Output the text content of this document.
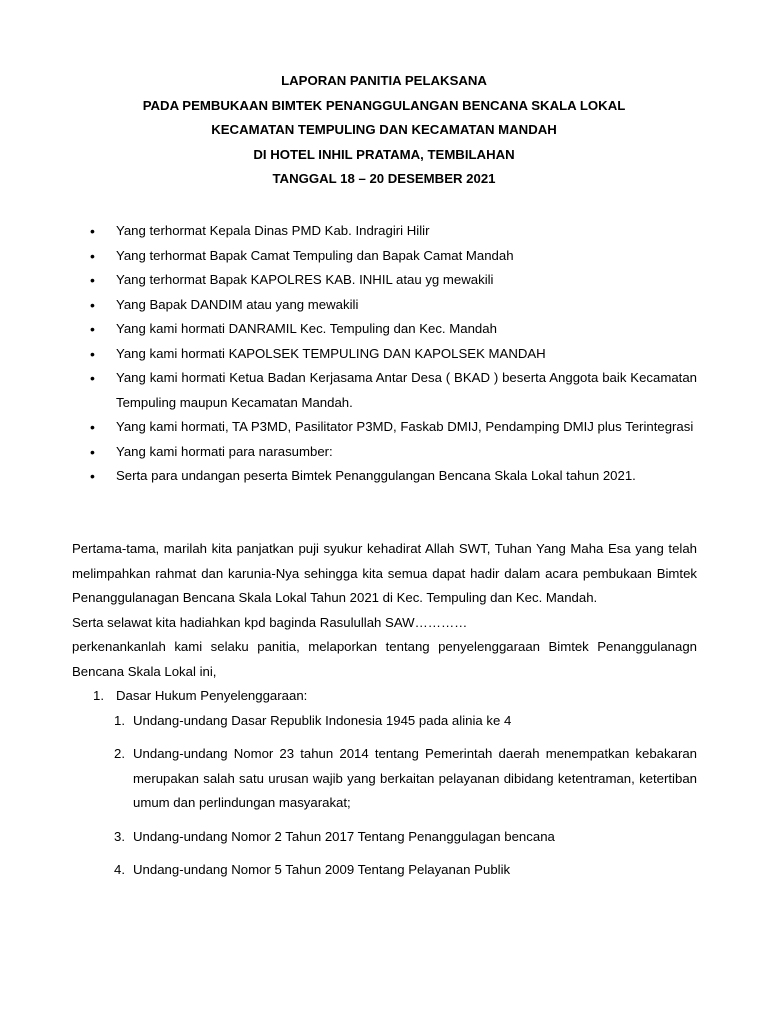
LAPORAN PANITIA PELAKSANA
PADA PEMBUKAAN BIMTEK PENANGGULANGAN BENCANA SKALA LOKAL
KECAMATAN TEMPULING DAN KECAMATAN MANDAH
DI HOTEL INHIL PRATAMA, TEMBILAHAN
TANGGAL 18 – 20 DESEMBER 2021
• Yang terhormat Kepala Dinas PMD Kab. Indragiri Hilir
• Yang terhormat Bapak Camat Tempuling dan Bapak Camat Mandah
• Yang terhormat Bapak KAPOLRES KAB. INHIL atau yg mewakili
• Yang Bapak DANDIM atau yang mewakili
• Yang kami hormati DANRAMIL Kec. Tempuling dan Kec. Mandah
• Yang kami hormati KAPOLSEK TEMPULING DAN KAPOLSEK MANDAH
• Yang kami hormati Ketua Badan Kerjasama Antar Desa ( BKAD ) beserta Anggota baik Kecamatan Tempuling maupun Kecamatan Mandah.
• Yang kami hormati, TA P3MD, Pasilitator P3MD, Faskab DMIJ, Pendamping DMIJ plus Terintegrasi
• Yang kami hormati para narasumber:
• Serta para undangan peserta Bimtek Penanggulangan Bencana Skala Lokal tahun 2021.

Pertama-tama, marilah kita panjatkan puji syukur kehadirat Allah SWT, Tuhan Yang Maha Esa yang telah melimpahkan rahmat dan karunia-Nya sehingga kita semua dapat hadir dalam acara pembukaan Bimtek Penanggulanagan Bencana Skala Lokal Tahun 2021 di Kec. Tempuling dan Kec. Mandah.

Serta selawat kita hadiahkan kpd baginda Rasulullah SAW…………

perkenankanlah kami selaku panitia, melaporkan tentang penyelenggaraan Bimtek Penanggulanagn Bencana Skala Lokal ini,

1. Dasar Hukum Penyelenggaraan:
1. Undang-undang Dasar Republik Indonesia 1945 pada alinia ke 4
2. Undang-undang Nomor 23 tahun 2014 tentang Pemerintah daerah menempatkan kebakaran merupakan salah satu urusan wajib yang berkaitan pelayanan dibidang ketentraman, ketertiban umum dan perlindungan masyarakat;
3. Undang-undang Nomor 2 Tahun 2017 Tentang Penanggulagan bencana
4. Undang-undang Nomor 5 Tahun 2009 Tentang Pelayanan Publik
